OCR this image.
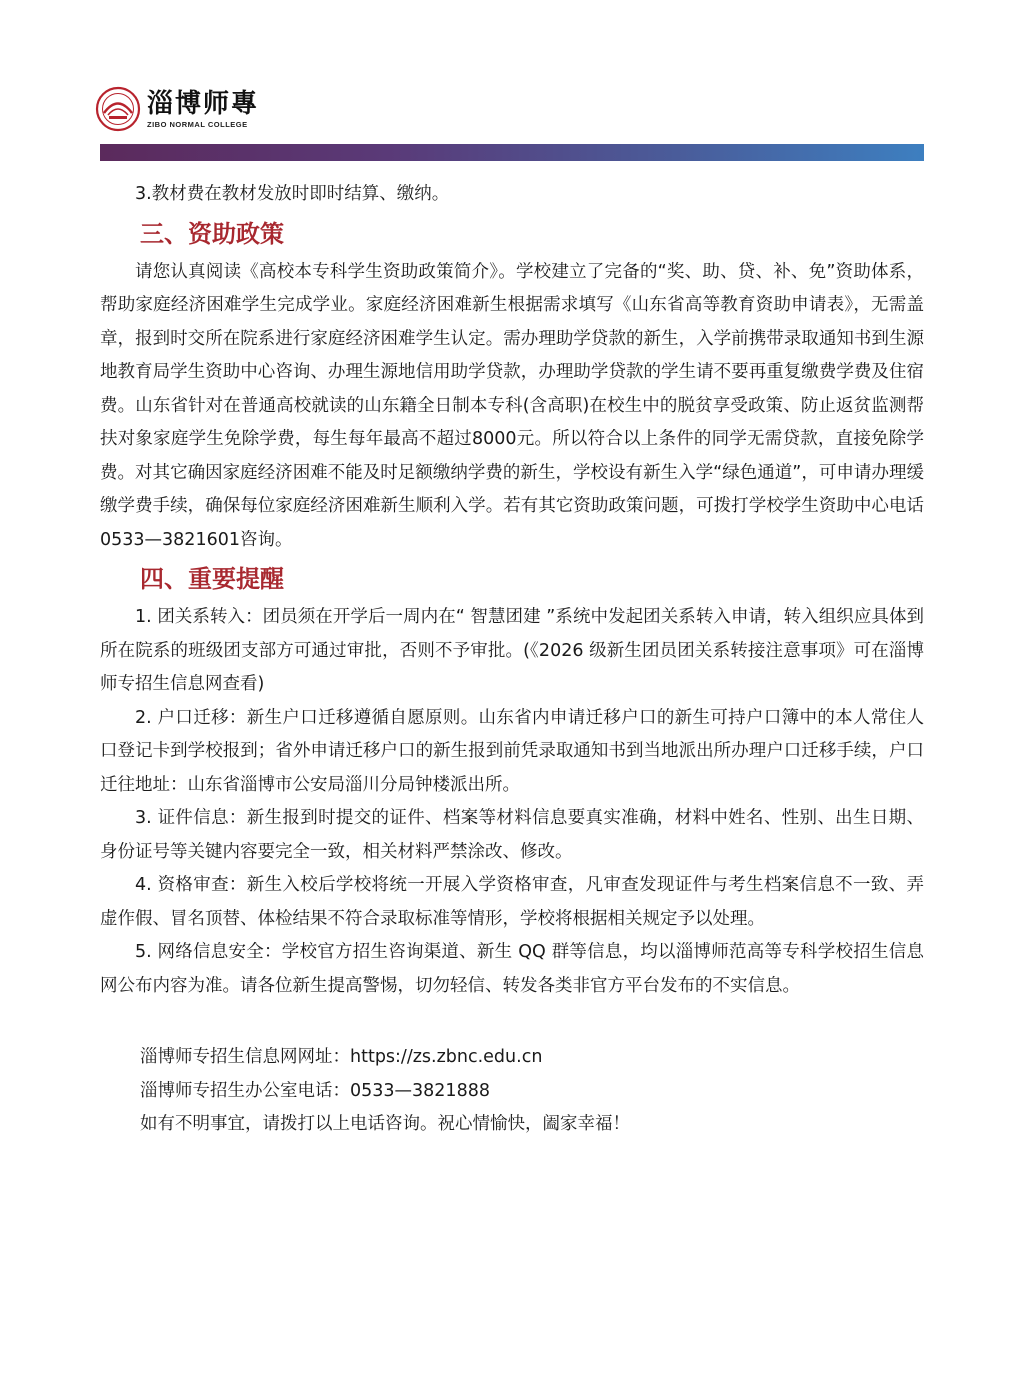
淄博师專
ZIBO NORMAL COLLEGE

3.教材费在教材发放时即时结算、缴纳。

三、资助政策

请您认真阅读《高校本专科学生资助政策简介》。学校建立了完备的“奖、助、贷、补、免”资助体系，帮助家庭经济困难学生完成学业。家庭经济困难新生根据需求填写《山东省高等教育资助申请表》，无需盖章，报到时交所在院系进行家庭经济困难学生认定。需办理助学贷款的新生，入学前携带录取通知书到生源地教育局学生资助中心咨询、办理生源地信用助学贷款，办理助学贷款的学生请不要再重复缴费学费及住宿费。山东省针对在普通高校就读的山东籍全日制本专科(含高职)在校生中的脱贫享受政策、防止返贫监测帮扶对象家庭学生免除学费，每生每年最高不超过8000元。所以符合以上条件的同学无需贷款，直接免除学费。对其它确因家庭经济困难不能及时足额缴纳学费的新生，学校设有新生入学“绿色通道”，可申请办理缓缴学费手续，确保每位家庭经济困难新生顺利入学。若有其它资助政策问题，可拨打学校学生资助中心电话0533—3821601咨询。

四、重要提醒

1. 团关系转入：团员须在开学后一周内在“ 智慧团建 ”系统中发起团关系转入申请，转入组织应具体到所在院系的班级团支部方可通过审批，否则不予审批。(《2026 级新生团员团关系转接注意事项》可在淄博师专招生信息网查看)

2. 户口迁移：新生户口迁移遵循自愿原则。山东省内申请迁移户口的新生可持户口簿中的本人常住人口登记卡到学校报到；省外申请迁移户口的新生报到前凭录取通知书到当地派出所办理户口迁移手续，户口迁往地址：山东省淄博市公安局淄川分局钟楼派出所。

3. 证件信息：新生报到时提交的证件、档案等材料信息要真实准确，材料中姓名、性别、出生日期、身份证号等关键内容要完全一致，相关材料严禁涂改、修改。

4. 资格审查：新生入校后学校将统一开展入学资格审查，凡审查发现证件与考生档案信息不一致、弄虚作假、冒名顶替、体检结果不符合录取标准等情形，学校将根据相关规定予以处理。

5. 网络信息安全：学校官方招生咨询渠道、新生 QQ 群等信息，均以淄博师范高等专科学校招生信息网公布内容为准。请各位新生提高警惕，切勿轻信、转发各类非官方平台发布的不实信息。

淄博师专招生信息网网址：https://zs.zbnc.edu.cn

淄博师专招生办公室电话：0533—3821888

如有不明事宜，请拨打以上电话咨询。祝心情愉快，阖家幸福！
